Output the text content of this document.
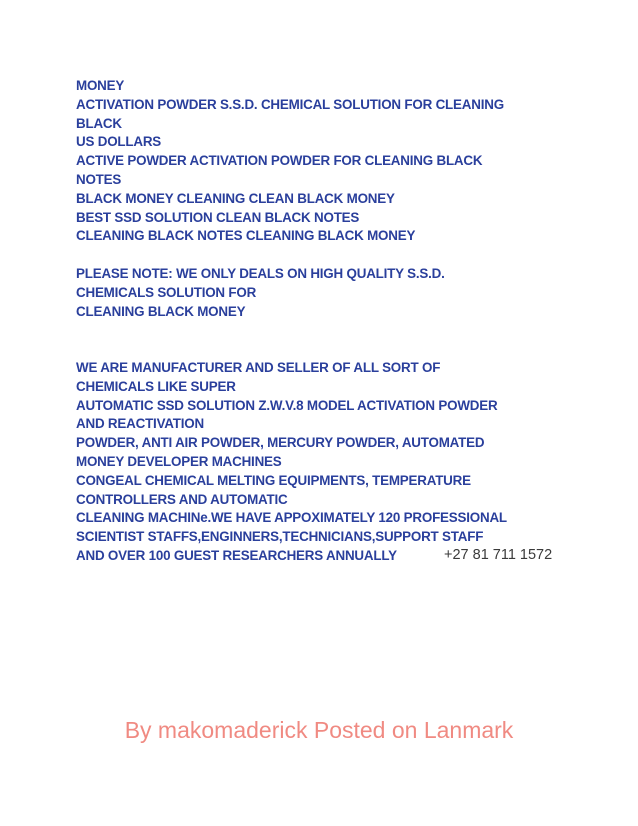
MONEY
ACTIVATION POWDER S.S.D. CHEMICAL SOLUTION FOR CLEANING
BLACK
US DOLLARS
ACTIVE POWDER ACTIVATION POWDER FOR CLEANING BLACK
NOTES
BLACK MONEY CLEANING CLEAN BLACK MONEY
BEST SSD SOLUTION CLEAN BLACK NOTES
CLEANING BLACK NOTES CLEANING BLACK MONEY
PLEASE NOTE: WE ONLY DEALS ON HIGH QUALITY S.S.D.
CHEMICALS SOLUTION FOR
CLEANING BLACK MONEY
WE ARE MANUFACTURER AND SELLER OF ALL SORT OF
CHEMICALS LIKE SUPER
AUTOMATIC SSD SOLUTION Z.W.V.8 MODEL ACTIVATION POWDER
AND REACTIVATION
POWDER, ANTI AIR POWDER, MERCURY POWDER, AUTOMATED
MONEY DEVELOPER MACHINES
CONGEAL CHEMICAL MELTING EQUIPMENTS, TEMPERATURE
CONTROLLERS AND AUTOMATIC
CLEANING MACHINe.WE HAVE APPOXIMATELY 120 PROFESSIONAL
SCIENTIST STAFFS,ENGINNERS,TECHNICIANS,SUPPORT STAFF
AND OVER 100 GUEST RESEARCHERS ANNUALLY	+27 81 711 1572
By makomaderick Posted on Lanmark
